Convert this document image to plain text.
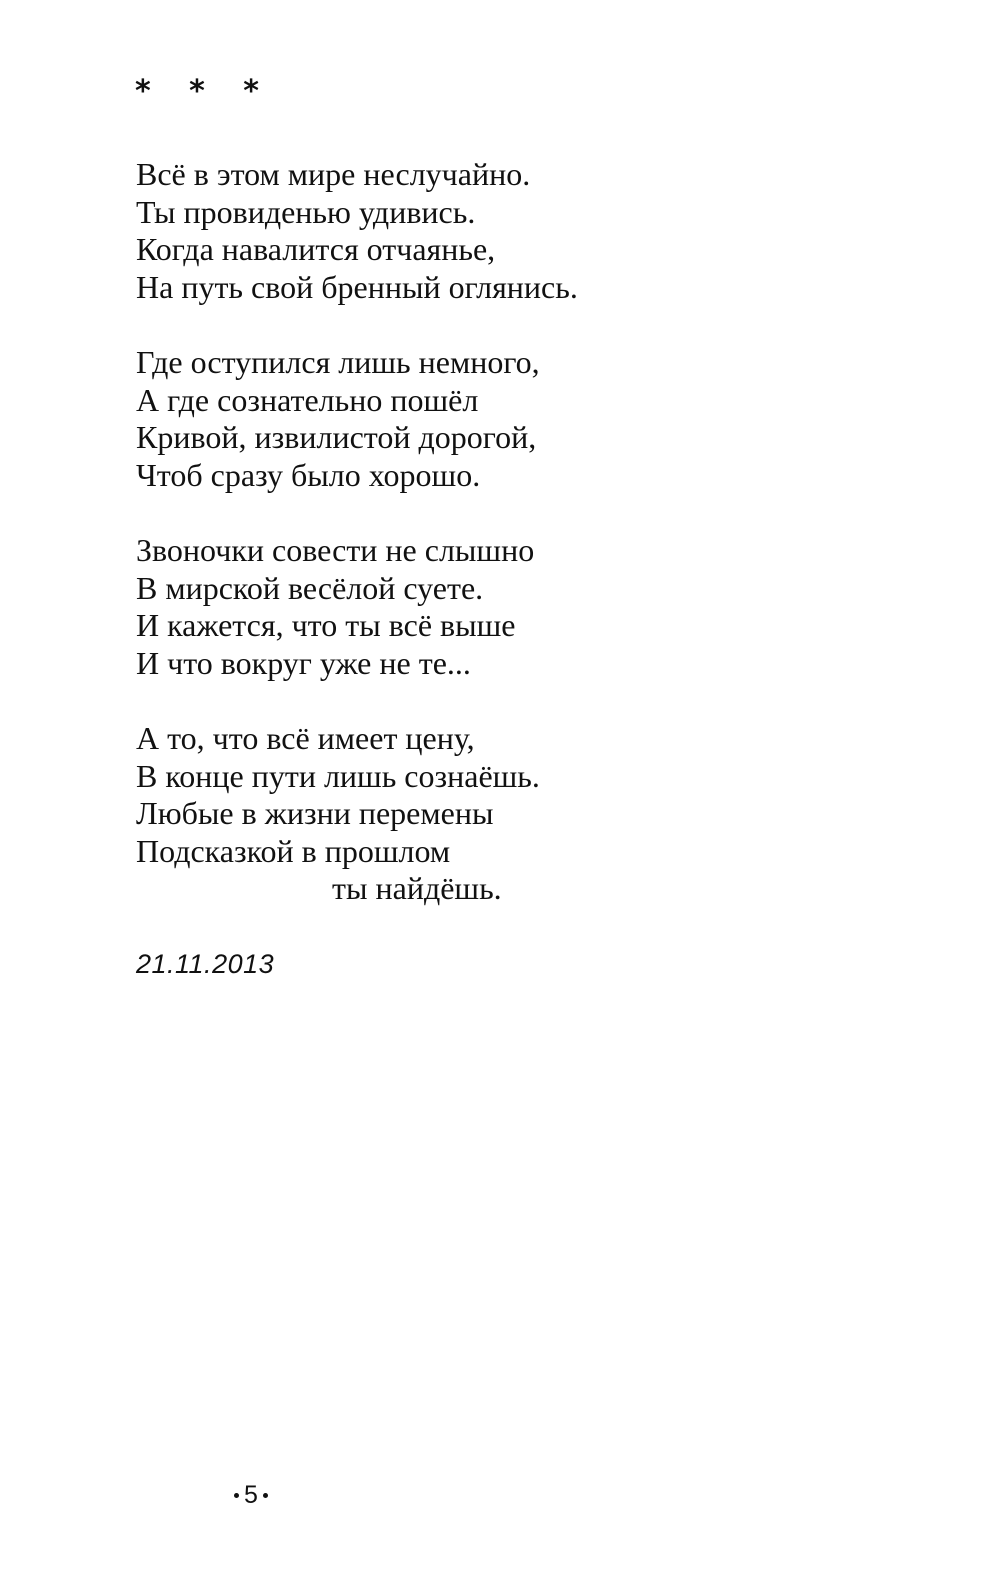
* * *
Всё в этом мире неслучайно.
Ты провиденью удивись.
Когда навалится отчаянье,
На путь свой бренный оглянись.
Где оступился лишь немного,
А где сознательно пошёл
Кривой, извилистой дорогой,
Чтоб сразу было хорошо.
Звоночки совести не слышно
В мирской весёлой суете.
И кажется, что ты всё выше
И что вокруг уже не те...
А то, что всё имеет цену,
В конце пути лишь сознаёшь.
Любые в жизни перемены
Подсказкой в прошлом
ты найдёшь.
21.11.2013
5
